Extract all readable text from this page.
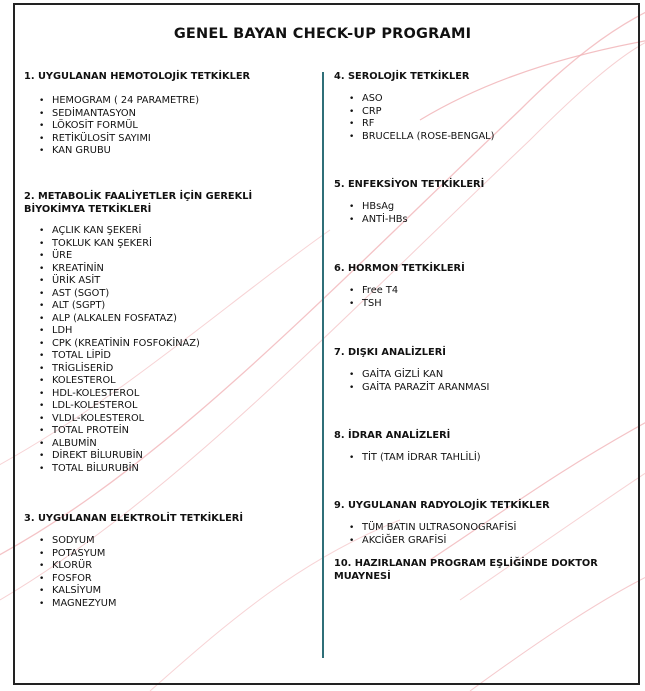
GENEL BAYAN CHECK-UP PROGRAMI
1. UYGULANAN HEMOTOLOJİK TETKİKLER
• HEMOGRAM ( 24 PARAMETRE)
• SEDİMANTASYON
• LÖKOSİT FORMÜL
• RETİKÜLOSİT SAYIMI
• KAN GRUBU
2. METABOLİK FAALİYETLER İÇİN GEREKLİ BİYOKİMYA TETKİKLERİ
• AÇLIK KAN ŞEKERİ
• TOKLUK KAN ŞEKERİ
• ÜRE
• KREATİNİN
• ÜRİK ASİT
• AST (SGOT)
• ALT (SGPT)
• ALP (ALKALEN FOSFATAZ)
• LDH
• CPK (KREATİNİN FOSFOKİNAZ)
• TOTAL LİPİD
• TRİGLİSERİD
• KOLESTEROL
• HDL-KOLESTEROL
• LDL-KOLESTEROL
• VLDL-KOLESTEROL
• TOTAL PROTEİN
• ALBUMİN
• DİREKT BİLURUBİN
• TOTAL BİLURUBİN
3. UYGULANAN ELEKTROLİT TETKİKLERİ
• SODYUM
• POTASYUM
• KLORÜR
• FOSFOR
• KALSİYUM
• MAGNEZYUM
4. SEROLOJİK TETKİKLER
• ASO
• CRP
• RF
• BRUCELLA (ROSE-BENGAL)
5. ENFEKSİYON TETKİKLERİ
• HBsAg
• ANTİ-HBs
6. HORMON TETKİKLERİ
• Free T4
• TSH
7. DIŞKI ANALİZLERİ
• GAİTA GİZLİ KAN
• GAİTA PARAZİT ARANMASI
8. İDRAR ANALİZLERİ
• TİT (TAM İDRAR TAHLİLİ)
9. UYGULANAN RADYOLOJİK TETKİKLER
• TÜM BATIN ULTRASONOGRAFİSİ
• AKCİĞER GRAFİSİ
10. HAZIRLANAN PROGRAM EŞLİĞİNDE DOKTOR MUAYNESİ
